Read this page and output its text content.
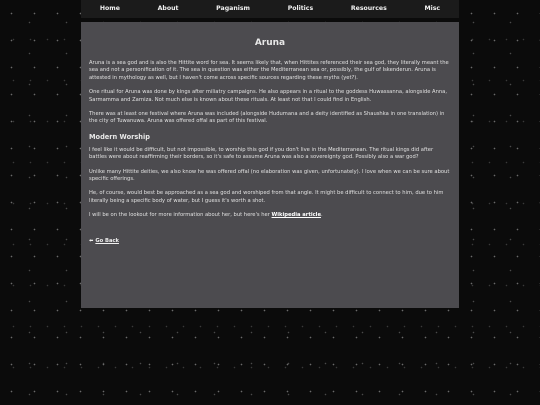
Home	About	Paganism	Politics	Resources	Misc
Aruna

Aruna is a sea god and is also the Hittite word for sea. It seems likely that, when Hittites referenced their sea god, they literally meant the sea and not a personification of it. The sea in question was either the Mediterranean sea or, possibly, the gulf of Iskenderun. Aruna is attested in mythology as well, but I haven't come across specific sources regarding these myths (yet?).

One ritual for Aruna was done by kings after miliatry campaigns. He also appears in a ritual to the goddess Huwassanna, alongside Anna, Sarmamma and Zarniza. Not much else is known about these rituals. At least not that I could find in English.

There was at least one festival where Aruna was included (alongside Hudumana and a deity identified as Shaushka in one translation) in the city of Tuwanuwa. Aruna was offered offal as part of this festival.

Modern Worship

I feel like it would be difficult, but not impossible, to worship this god if you don't live in the Mediterranean. The ritual kings did after battles were about reaffirming their borders, so it's safe to assume Aruna was also a sovereignty god. Possibly also a war god?

Unlike many Hittite deities, we also know he was offered offal (no elaboration was given, unfortunately). I love when we can be sure about specific offerings.

He, of course, would best be approached as a sea god and worshiped from that angle. It might be difficult to connect to him, due to him literally being a specific body of water, but I guess it's worth a shot.

I will be on the lookout for more information about her, but here's her Wikipedia article.

⬅ Go Back
